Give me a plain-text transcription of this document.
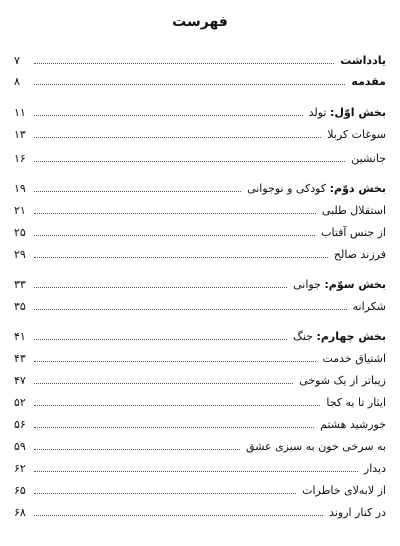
فهرست
یادداشت
۷
مقدمه
۸
بخش اوّل: تولد
۱۱
سوغات کربلا
۱۳
جانشین
۱۶
بخش دوّم: کودکی و نوجوانی
۱۹
استقلال طلبی
۲۱
از جنس آفتاب
۲۵
فرزند صالح
۲۹
بخش سوّم: جوانی
۳۳
شکرانه
۳۵
بخش چهارم: جنگ
۴۱
اشتیاق خدمت
۴۳
زیباتر از یک شوخی
۴۷
ایثار تا به کجا
۵۲
خورشید هشتم
۵۶
به سرخی خون به سبزی عشق
۵۹
دیدار
۶۲
از لابه‌لای خاطرات
۶۵
در کنار اروند
۶۸
